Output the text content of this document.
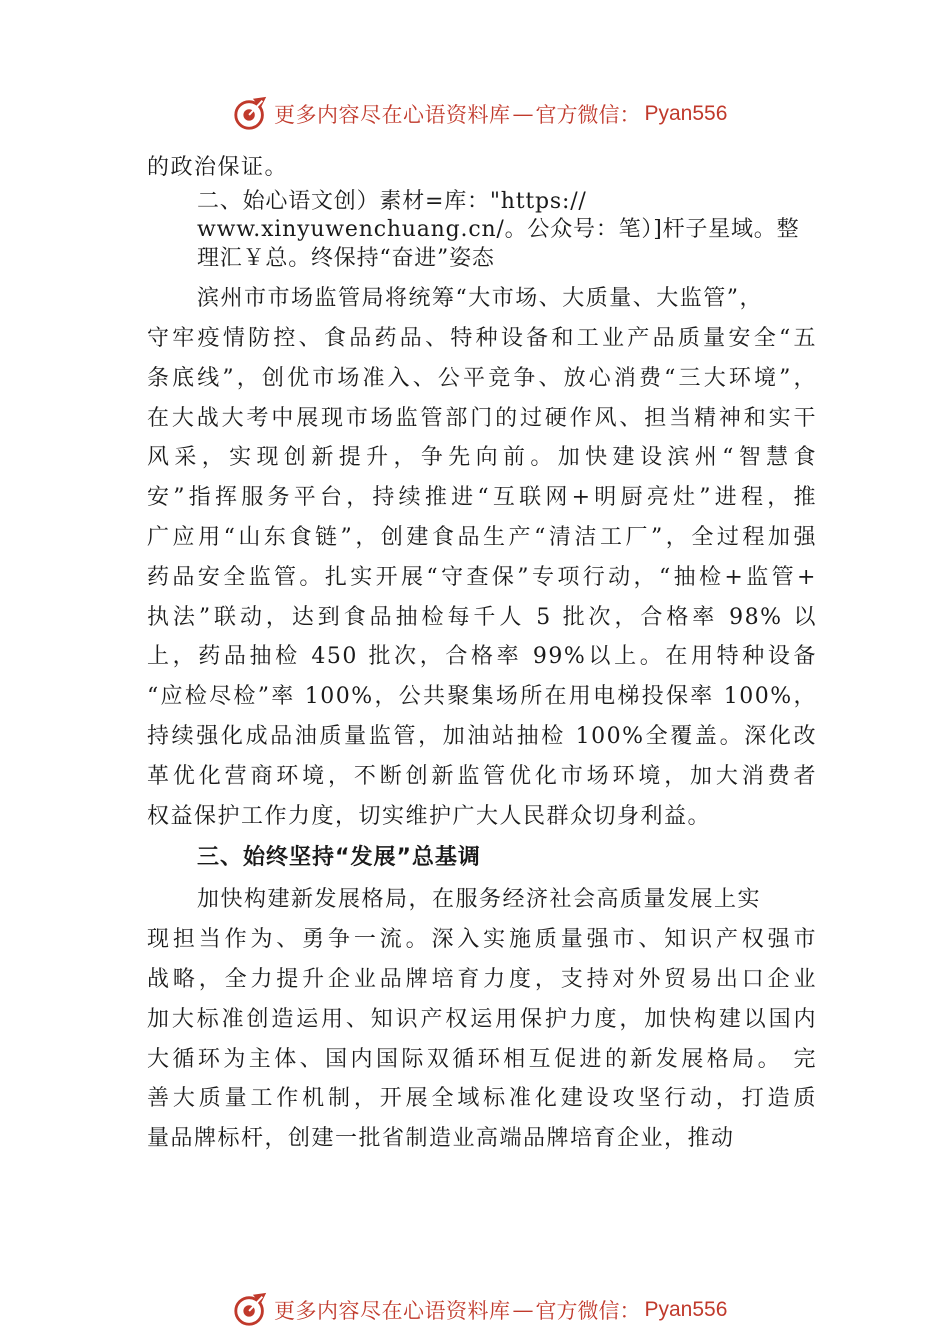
更多内容尽在心语资料库 — 官方微信： Pyan556
的政治保证。
二、始心语文创）素材=库："https://
www.xinyuwenchuang.cn/。公众号：笔）]杆子星域。整
理汇￥总。终保持“奋进”姿态
滨州市市场监管局将统筹“大市场、大质量、大监管”，
守牢疫情防控、食品药品、特种设备和工业产品质量安全“五
条底线”，创优市场准入、公平竞争、放心消费“三大环境”，
在大战大考中展现市场监管部门的过硬作风、担当精神和实干
风采，实现创新提升，争先向前。加快建设滨州“智慧食
安”指挥服务平台，持续推进“互联网+明厨亮灶”进程，推
广应用“山东食链”，创建食品生产“清洁工厂”，全过程加强
药品安全监管。扎实开展“守查保”专项行动，“抽检+监管+
执法”联动，达到食品抽检每千人 5 批次，合格率 98% 以
上，药品抽检 450 批次，合格率 99%以上。在用特种设备
“应检尽检”率 100%，公共聚集场所在用电梯投保率 100%，
持续强化成品油质量监管，加油站抽检 100%全覆盖。深化改
革优化营商环境，不断创新监管优化市场环境，加大消费者
权益保护工作力度，切实维护广大人民群众切身利益。
三、始终坚持“发展”总基调
加快构建新发展格局，在服务经济社会高质量发展上实
现担当作为、勇争一流。深入实施质量强市、知识产权强市
战略，全力提升企业品牌培育力度，支持对外贸易出口企业
加大标准创造运用、知识产权运用保护力度，加快构建以国内
大循环为主体、国内国际双循环相互促进的新发展格局。 完
善大质量工作机制，开展全域标准化建设攻坚行动，打造质
量品牌标杆，创建一批省制造业高端品牌培育企业，推动
更多内容尽在心语资料库 — 官方微信： Pyan556
